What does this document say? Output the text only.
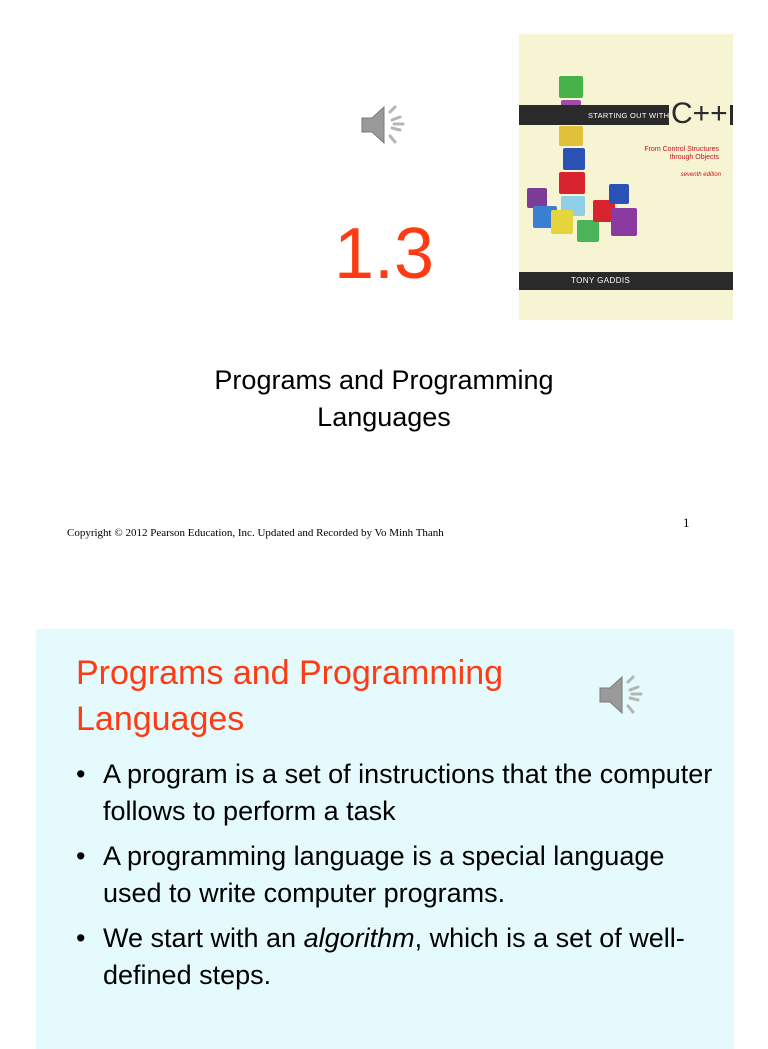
1.3
Programs and Programming
Languages
Copyright © 2012 Pearson Education, Inc. Updated and Recorded by Vo Minh Thanh
1
STARTING OUT WITH C++
From Control Structures
through Objects
seventh edition
TONY GADDIS
Programs and Programming
Languages
• A program is a set of instructions that the computer follows to perform a task
• A programming language is a special language used to write computer programs.
• We start with an algorithm, which is a set of well-defined steps.
